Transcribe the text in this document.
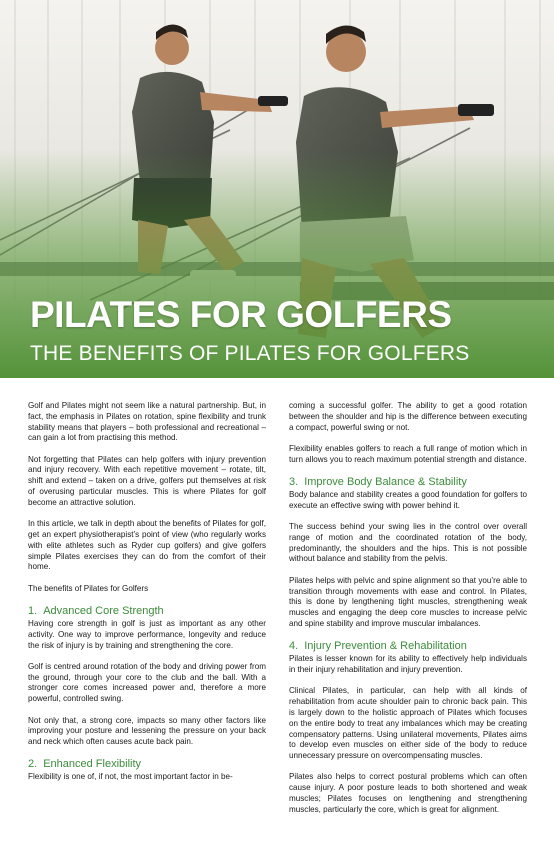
PILATES FOR GOLFERS
THE BENEFITS OF PILATES FOR GOLFERS

Golf and Pilates might not seem like a natural partnership. But, in fact, the emphasis in Pilates on rotation, spine flexibility and trunk stability means that players – both professional and recreational – can gain a lot from practising this method.

Not forgetting that Pilates can help golfers with injury prevention and injury recovery. With each repetitive movement – rotate, tilt, shift and extend – taken on a drive, golfers put themselves at risk of overusing particular muscles. This is where Pilates for golf become an attractive solution.

In this article, we talk in depth about the benefits of Pilates for golf, get an expert physiotherapist’s point of view (who regularly works with elite athletes such as Ryder cup golfers) and give golfers simple Pilates exercises they can do from the comfort of their home.

The benefits of Pilates for Golfers

1. Advanced Core Strength

Having core strength in golf is just as important as any other activity. One way to improve performance, longevity and reduce the risk of injury is by training and strengthening the core.

Golf is centred around rotation of the body and driving power from the ground, through your core to the club and the ball. With a stronger core comes increased power and, therefore a more powerful, controlled swing.

Not only that, a strong core, impacts so many other factors like improving your posture and lessening the pressure on your back and neck which often causes acute back pain.

2. Enhanced Flexibility

Flexibility is one of, if not, the most important factor in be-

coming a successful golfer. The ability to get a good rotation between the shoulder and hip is the difference between executing a compact, powerful swing or not.

Flexibility enables golfers to reach a full range of motion which in turn allows you to reach maximum potential strength and distance.

3. Improve Body Balance & Stability

Body balance and stability creates a good foundation for golfers to execute an effective swing with power behind it.

The success behind your swing lies in the control over overall range of motion and the coordinated rotation of the body, predominantly, the shoulders and the hips. This is not possible without balance and stability from the pelvis.

Pilates helps with pelvic and spine alignment so that you’re able to transition through movements with ease and control. In Pilates, this is done by lengthening tight muscles, strengthening weak muscles and engaging the deep core muscles to increase pelvic and spine stability and improve muscular imbalances.

4. Injury Prevention & Rehabilitation

Pilates is lesser known for its ability to effectively help individuals in their injury rehabilitation and injury prevention.

Clinical Pilates, in particular, can help with all kinds of rehabilitation from acute shoulder pain to chronic back pain. This is largely down to the holistic approach of Pilates which focuses on the entire body to treat any imbalances which may be creating compensatory patterns. Using unilateral movements, Pilates aims to develop even muscles on either side of the body to reduce unnecessary pressure on overcompensating muscles.

Pilates also helps to correct postural problems which can often cause injury. A poor posture leads to both shortened and weak muscles; Pilates focuses on lengthening and strengthening muscles, particularly the core, which is great for alignment.
